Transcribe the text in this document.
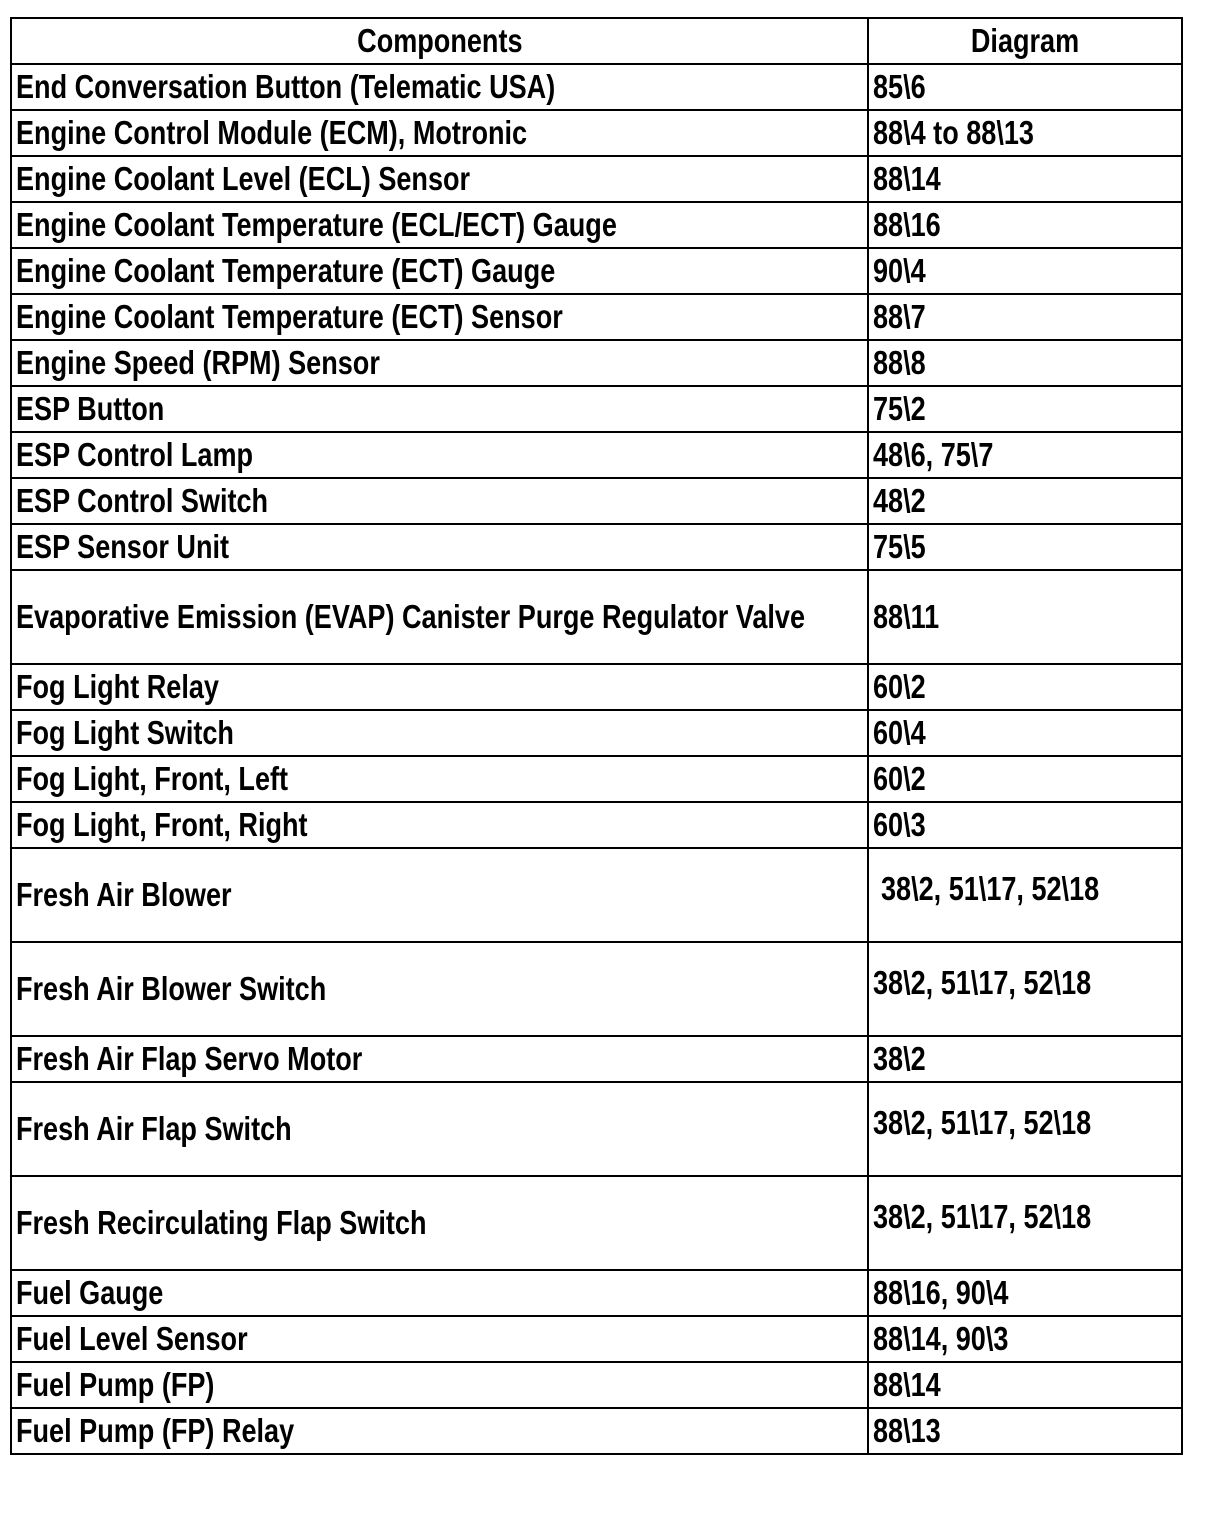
Components	Diagram
End Conversation Button (Telematic USA)	85\6
Engine Control Module (ECM), Motronic	88\4 to 88\13
Engine Coolant Level (ECL) Sensor	88\14
Engine Coolant Temperature (ECL/ECT) Gauge	88\16
Engine Coolant Temperature (ECT) Gauge	90\4
Engine Coolant Temperature (ECT) Sensor	88\7
Engine Speed (RPM) Sensor	88\8
ESP Button	75\2
ESP Control Lamp	48\6, 75\7
ESP Control Switch	48\2
ESP Sensor Unit	75\5
Evaporative Emission (EVAP) Canister Purge Regulator Valve	88\11
Fog Light Relay	60\2
Fog Light Switch	60\4
Fog Light, Front, Left	60\2
Fog Light, Front, Right	60\3
Fresh Air Blower	38\2, 51\17, 52\18
Fresh Air Blower Switch	38\2, 51\17, 52\18
Fresh Air Flap Servo Motor	38\2
Fresh Air Flap Switch	38\2, 51\17, 52\18
Fresh Recirculating Flap Switch	38\2, 51\17, 52\18
Fuel Gauge	88\16, 90\4
Fuel Level Sensor	88\14, 90\3
Fuel Pump (FP)	88\14
Fuel Pump (FP) Relay	88\13
